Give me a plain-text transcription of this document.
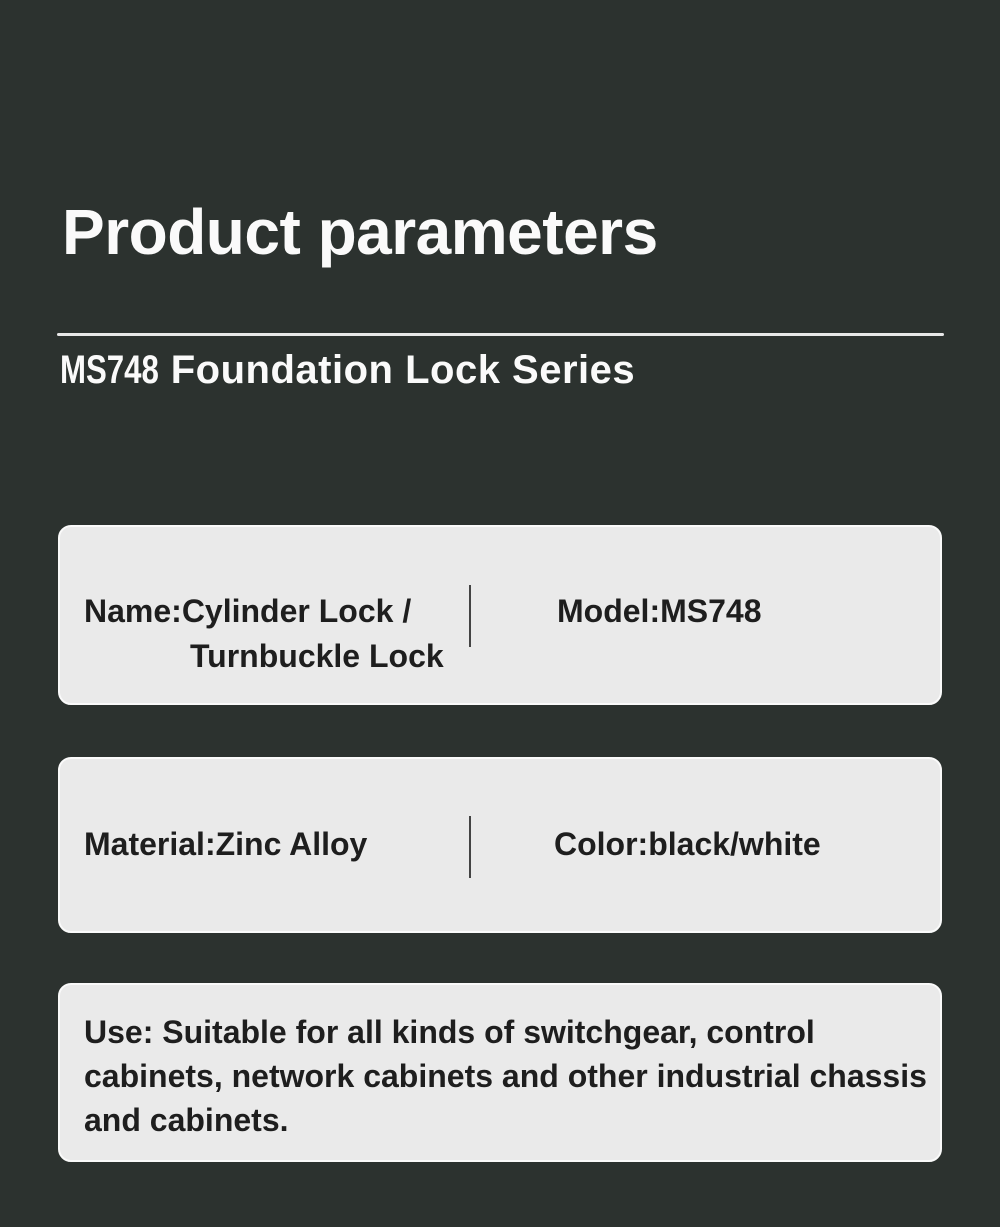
Product parameters
MS748 Foundation Lock Series
Name:Cylinder Lock /
Turnbuckle Lock
Model:MS748
Material:Zinc Alloy	Color:black/white
Use: Suitable for all kinds of switchgear, control
cabinets, network cabinets and other industrial chassis
and cabinets.
